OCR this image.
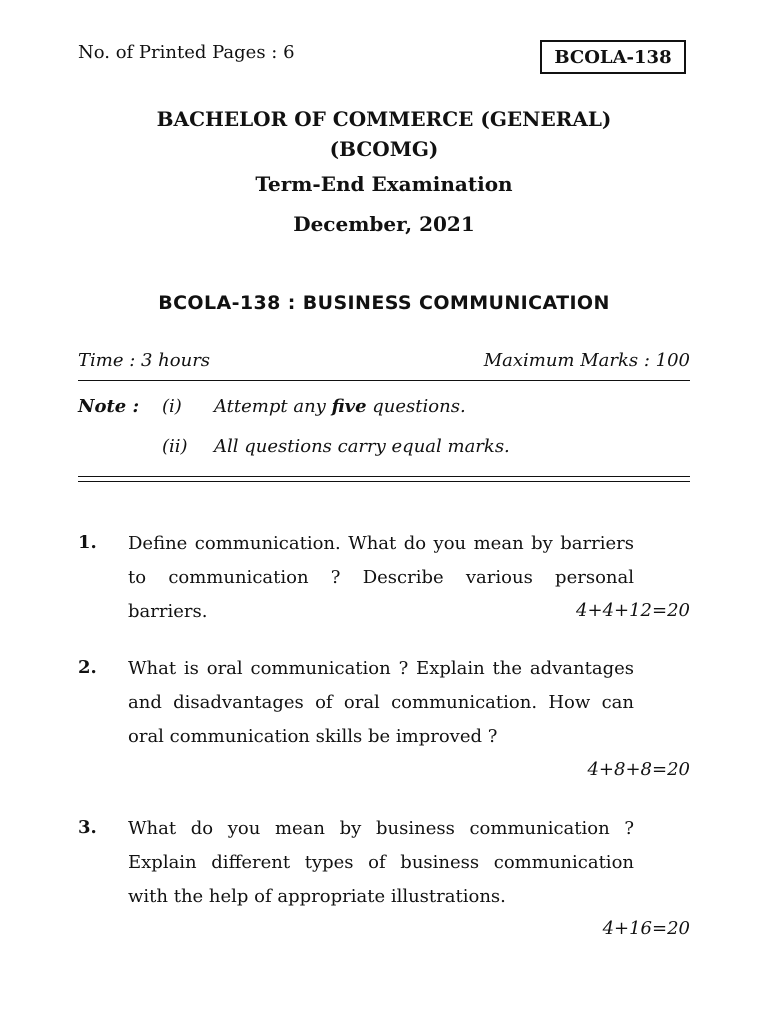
No. of Printed Pages : 6	BCOLA-138
BACHELOR OF COMMERCE (GENERAL)
(BCOMG)
Term-End Examination
December, 2021
BCOLA-138 : BUSINESS COMMUNICATION
Time : 3 hours	Maximum Marks : 100
Note : (i) Attempt any five questions.
(ii) All questions carry equal marks.
1. Define communication. What do you mean by barriers to communication ? Describe various personal barriers.	4+4+12=20
2. What is oral communication ? Explain the advantages and disadvantages of oral communication. How can oral communication skills be improved ?
4+8+8=20
3. What do you mean by business communication ? Explain different types of business communication with the help of appropriate illustrations.
4+16=20
